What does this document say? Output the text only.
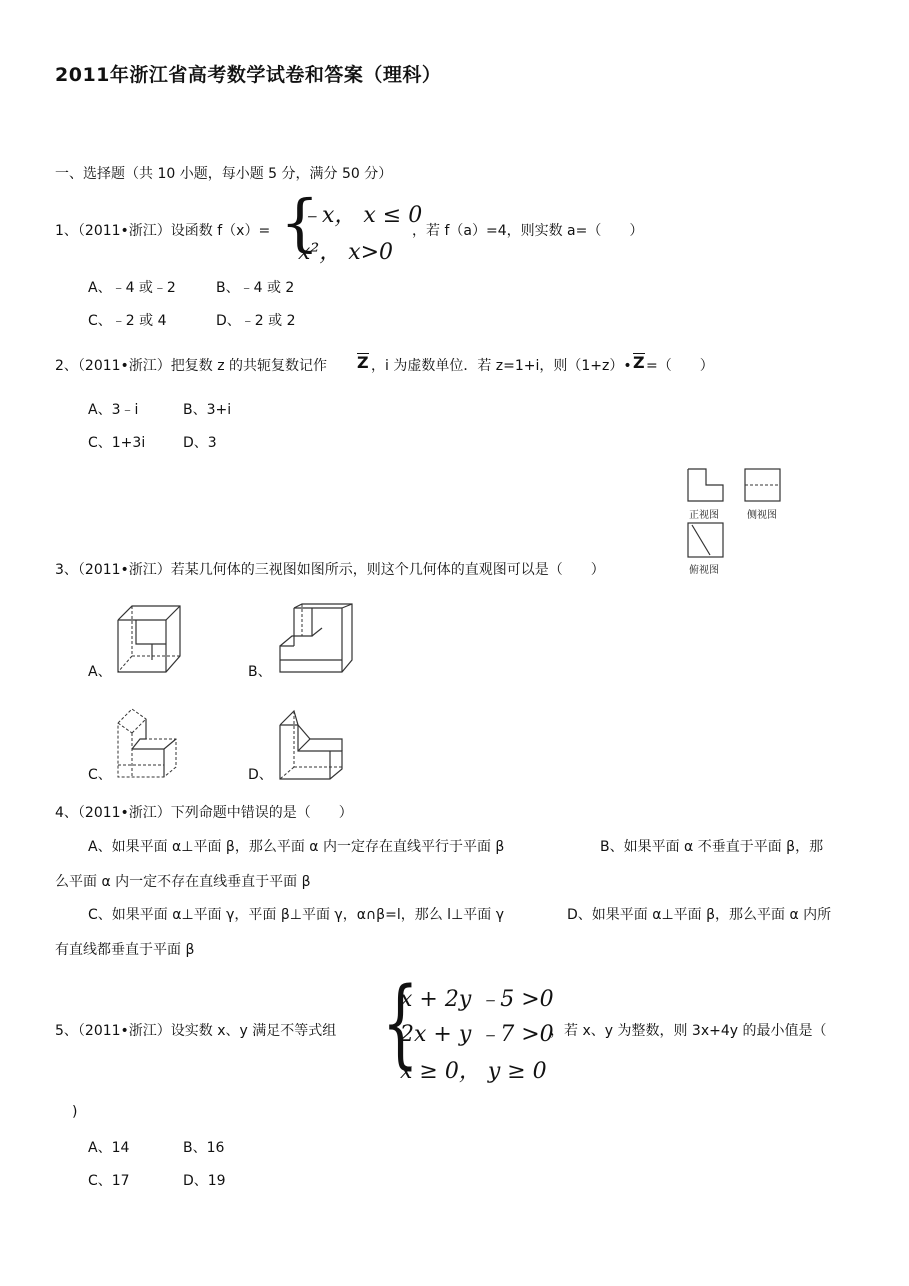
2011年浙江省高考数学试卷和答案（理科）
一、选择题（共 10 小题，每小题 5 分，满分 50 分）
1、（2011•浙江）设函数 f（x）= {
﹣x， x ≤ 0
x²， x>0
，若 f（a）=4，则实数 a=（　　）
A、﹣4 或﹣2	B、﹣4 或 2
C、﹣2 或 4	D、﹣2 或 2
2、（2011•浙江）把复数 z 的共轭复数记作 Z ，i 为虚数单位．若 z=1+i，则（1+z）• Z =（　　）
A、3﹣i	B、3+i
C、1+3i	D、3
正视图	侧视图
俯视图
3、（2011•浙江）若某几何体的三视图如图所示，则这个几何体的直观图可以是（　　）
A、	B、
C、	D、
4、（2011•浙江）下列命题中错误的是（　　）
A、如果平面 α⊥平面 β，那么平面 α 内一定存在直线平行于平面 β	B、如果平面 α 不垂直于平面 β，那
么平面 α 内一定不存在直线垂直于平面 β
C、如果平面 α⊥平面 γ，平面 β⊥平面 γ，α∩β=l，那么 l⊥平面 γ	D、如果平面 α⊥平面 β，那么平面 α 内所
有直线都垂直于平面 β
5、（2011•浙江）设实数 x、y 满足不等式组 {
x + 2y ﹣5 >0
2x + y ﹣7 >0
x ≥ 0， y ≥ 0
，若 x、y 为整数，则 3x+4y 的最小值是（
)
A、14	B、16
C、17	D、19
